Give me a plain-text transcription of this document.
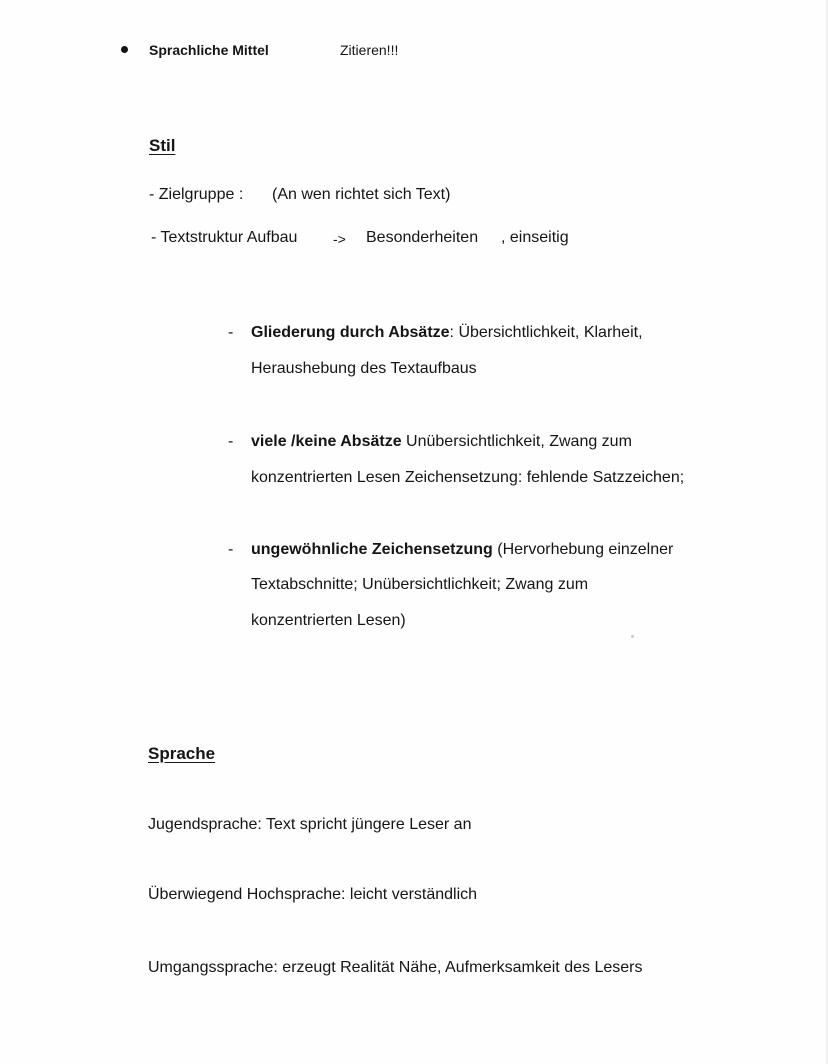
Sprachliche Mittel	Zitieren!!!
Stil
- Zielgruppe : (An wen richtet sich Text)
- Textstruktur Aufbau	-> Besonderheiten , einseitig
- Gliederung durch Absätze: Übersichtlichkeit, Klarheit,
Heraushebung des Textaufbaus
- viele /keine Absätze Unübersichtlichkeit, Zwang zum
konzentrierten Lesen Zeichensetzung: fehlende Satzzeichen;
- ungewöhnliche Zeichensetzung (Hervorhebung einzelner
Textabschnitte; Unübersichtlichkeit; Zwang zum
konzentrierten Lesen)
Sprache
Jugendsprache: Text spricht jüngere Leser an
Überwiegend Hochsprache: leicht verständlich
Umgangssprache: erzeugt Realität Nähe, Aufmerksamkeit des Lesers
